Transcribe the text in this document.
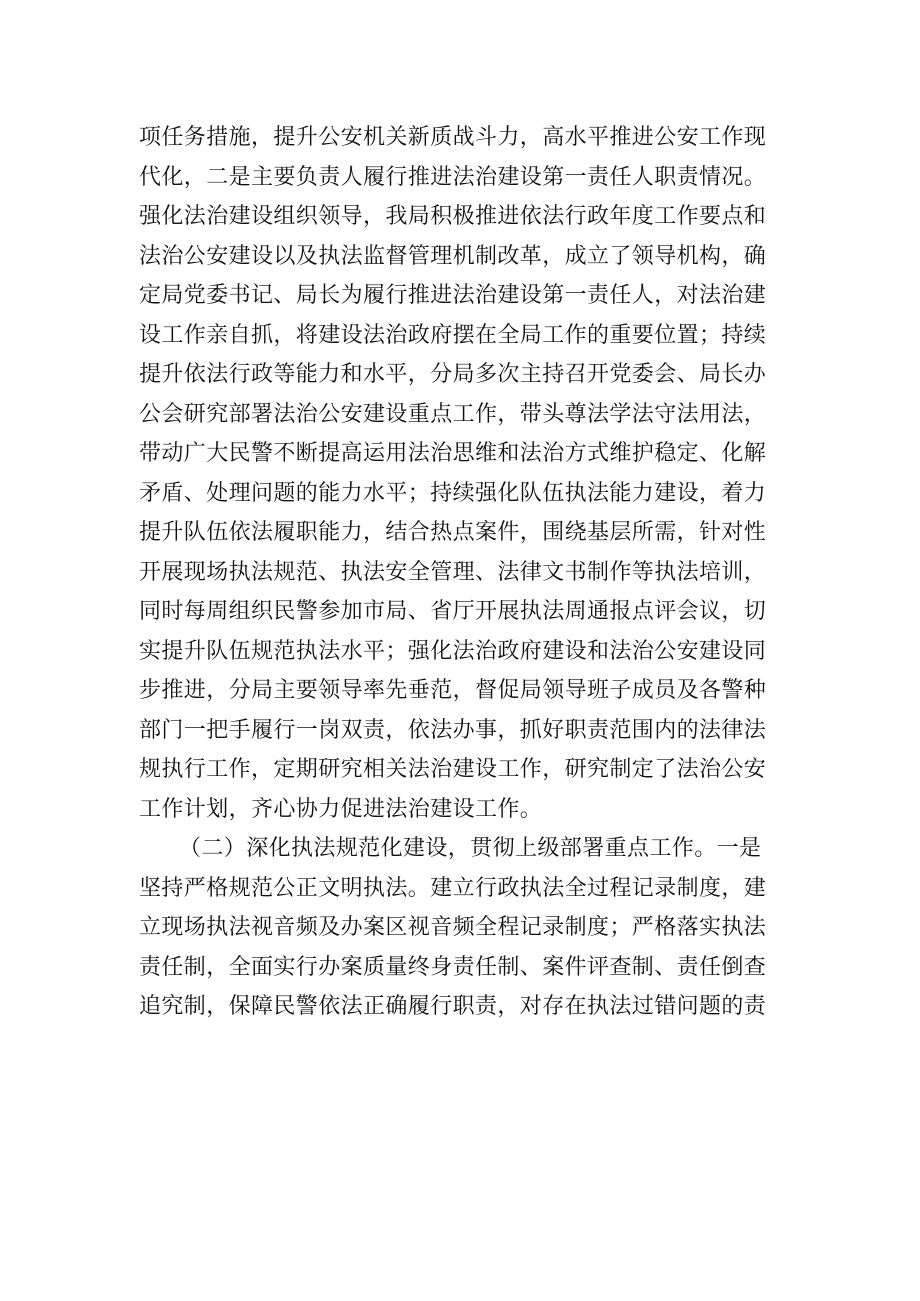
项任务措施，提升公安机关新质战斗力，高水平推进公安工作现
代化，二是主要负责人履行推进法治建设第一责任人职责情况。
强化法治建设组织领导，我局积极推进依法行政年度工作要点和
法治公安建设以及执法监督管理机制改革，成立了领导机构，确
定局党委书记、局长为履行推进法治建设第一责任人，对法治建
设工作亲自抓，将建设法治政府摆在全局工作的重要位置；持续
提升依法行政等能力和水平，分局多次主持召开党委会、局长办
公会研究部署法治公安建设重点工作，带头尊法学法守法用法，
带动广大民警不断提高运用法治思维和法治方式维护稳定、化解
矛盾、处理问题的能力水平；持续强化队伍执法能力建设，着力
提升队伍依法履职能力，结合热点案件，围绕基层所需，针对性
开展现场执法规范、执法安全管理、法律文书制作等执法培训，
同时每周组织民警参加市局、省厅开展执法周通报点评会议，切
实提升队伍规范执法水平；强化法治政府建设和法治公安建设同
步推进，分局主要领导率先垂范，督促局领导班子成员及各警种
部门一把手履行一岗双责，依法办事，抓好职责范围内的法律法
规执行工作，定期研究相关法治建设工作，研究制定了法治公安
工作计划，齐心协力促进法治建设工作。
（二）深化执法规范化建设，贯彻上级部署重点工作。一是
坚持严格规范公正文明执法。建立行政执法全过程记录制度，建
立现场执法视音频及办案区视音频全程记录制度；严格落实执法
责任制，全面实行办案质量终身责任制、案件评查制、责任倒查
追究制，保障民警依法正确履行职责，对存在执法过错问题的责
